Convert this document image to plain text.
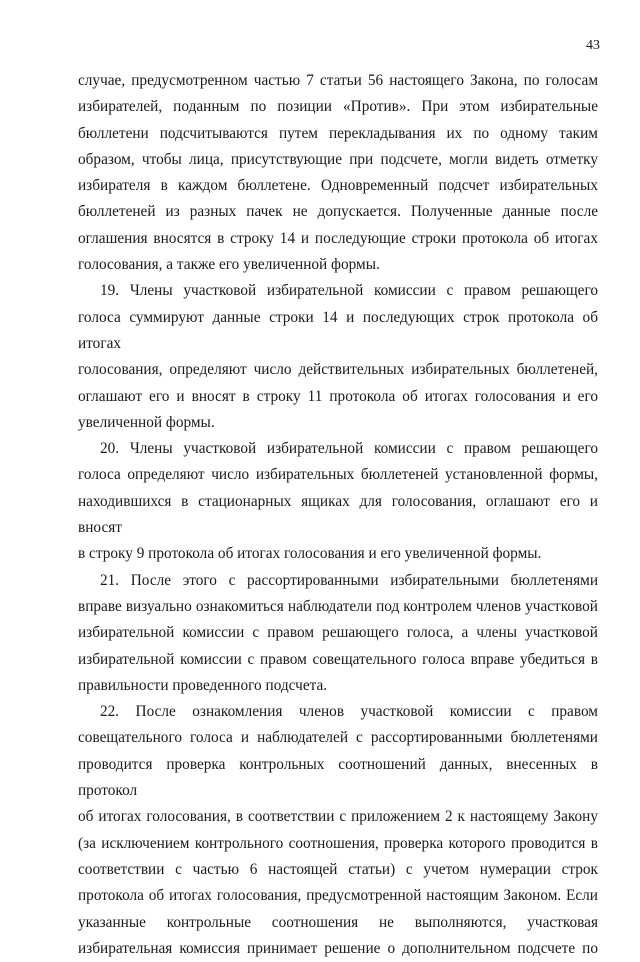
43

случае, предусмотренном частью 7 статьи 56 настоящего Закона, по голосам
избирателей, поданным по позиции «Против». При этом избирательные
бюллетени подсчитываются путем перекладывания их по одному таким
образом, чтобы лица, присутствующие при подсчете, могли видеть отметку
избирателя в каждом бюллетене. Одновременный подсчет избирательных
бюллетеней из разных пачек не допускается. Полученные данные после
оглашения вносятся в строку 14 и последующие строки протокола об итогах
голосования, а также его увеличенной формы.

19. Члены участковой избирательной комиссии с правом решающего
голоса суммируют данные строки 14 и последующих строк протокола об итогах
голосования, определяют число действительных избирательных бюллетеней,
оглашают его и вносят в строку 11 протокола об итогах голосования и его
увеличенной формы.

20. Члены участковой избирательной комиссии с правом решающего
голоса определяют число избирательных бюллетеней установленной формы,
находившихся в стационарных ящиках для голосования, оглашают его и вносят
в строку 9 протокола об итогах голосования и его увеличенной формы.

21. После этого с рассортированными избирательными бюллетенями
вправе визуально ознакомиться наблюдатели под контролем членов участковой
избирательной комиссии с правом решающего голоса, а члены участковой
избирательной комиссии с правом совещательного голоса вправе убедиться в
правильности проведенного подсчета.

22. После ознакомления членов участковой комиссии с правом
совещательного голоса и наблюдателей с рассортированными бюллетенями
проводится проверка контрольных соотношений данных, внесенных в протокол
об итогах голосования, в соответствии с приложением 2 к настоящему Закону
(за исключением контрольного соотношения, проверка которого проводится в
соответствии с частью 6 настоящей статьи) с учетом нумерации строк
протокола об итогах голосования, предусмотренной настоящим Законом. Если
указанные контрольные соотношения не выполняются, участковая
избирательная комиссия принимает решение о дополнительном подсчете по
